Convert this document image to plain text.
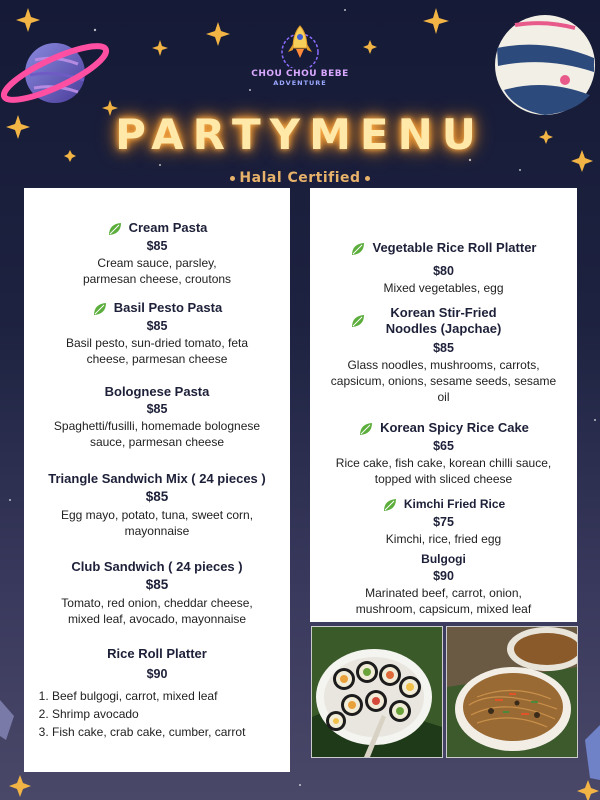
CHOU CHOU BEBE
ADVENTURE
PARTYMENU
Halal Certified
Cream Pasta
$85
Cream sauce, parsley,
parmesan cheese, croutons
Basil Pesto Pasta
$85
Basil pesto, sun-dried tomato, feta
cheese, parmesan cheese
Bolognese Pasta
$85
Spaghetti/fusilli, homemade bolognese
sauce, parmesan cheese
Triangle Sandwich Mix ( 24 pieces )
$85
Egg mayo, potato, tuna, sweet corn,
mayonnaise
Club Sandwich ( 24 pieces )
$85
Tomato, red onion, cheddar cheese,
mixed leaf, avocado, mayonnaise
Rice Roll Platter
$90
1. Beef bulgogi, carrot, mixed leaf
2. Shrimp avocado
3. Fish cake, crab cake, cumber, carrot
Vegetable Rice Roll Platter
$80
Mixed vegetables, egg
Korean Stir-Fried
Noodles (Japchae)
$85
Glass noodles, mushrooms, carrots,
capsicum, onions, sesame seeds, sesame
oil
Korean Spicy Rice Cake
$65
Rice cake, fish cake, korean chilli sauce,
topped with sliced cheese
Kimchi Fried Rice
$75
Kimchi, rice, fried egg
Bulgogi
$90
Marinated beef, carrot, onion,
mushroom, capsicum, mixed leaf
